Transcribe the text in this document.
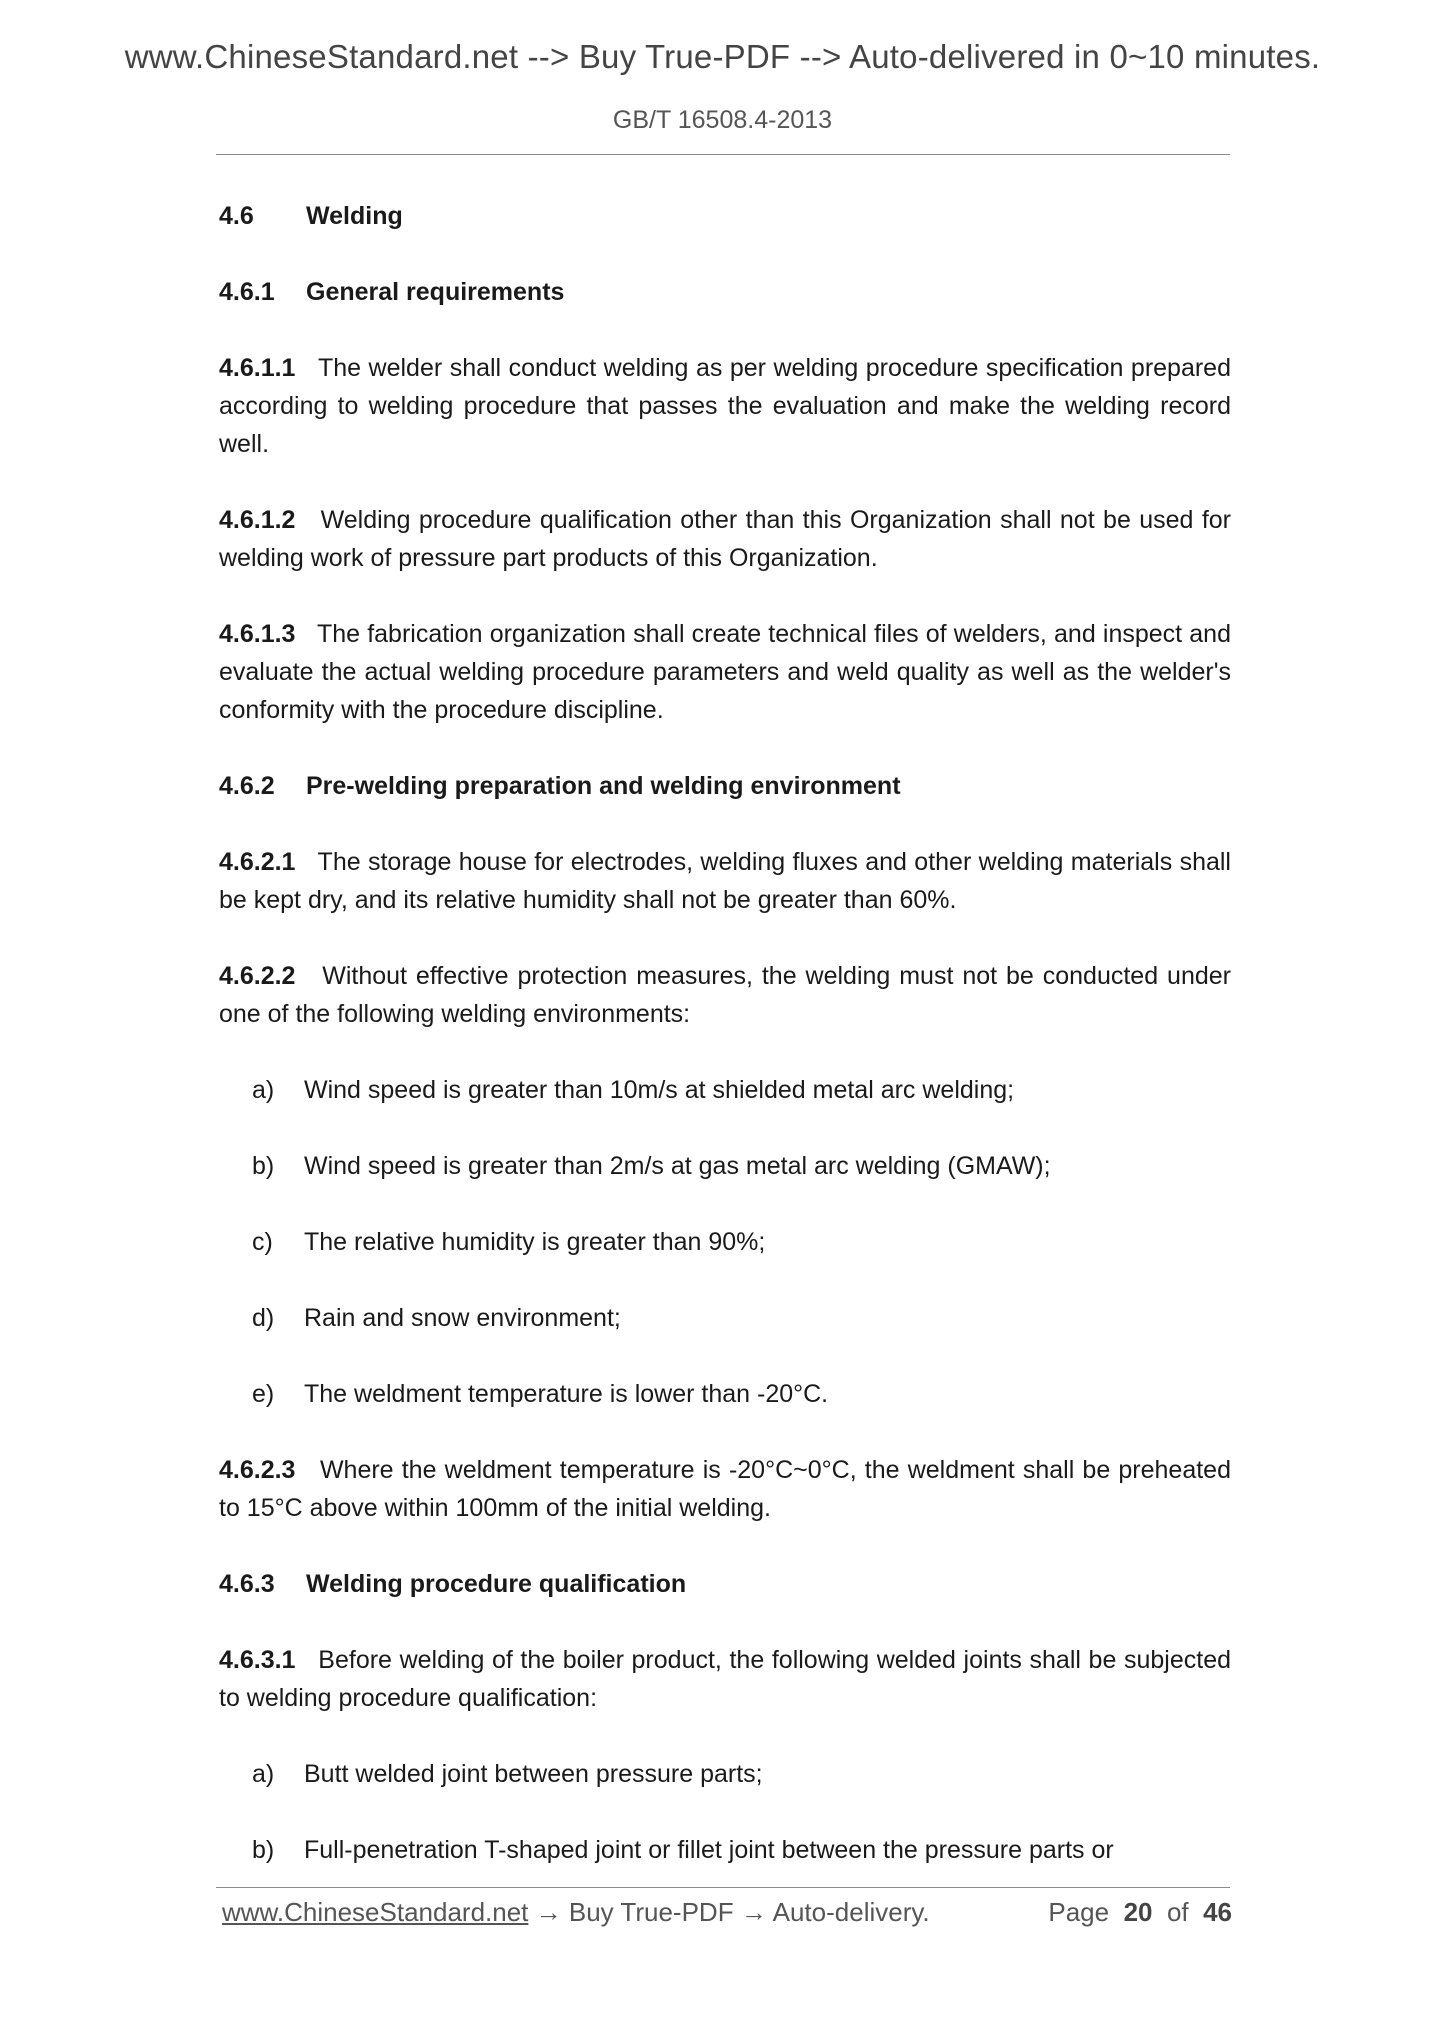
www.ChineseStandard.net --> Buy True-PDF --> Auto-delivered in 0~10 minutes.
GB/T 16508.4-2013
4.6 Welding
4.6.1 General requirements

4.6.1.1 The welder shall conduct welding as per welding procedure specification prepared according to welding procedure that passes the evaluation and make the welding record well.

4.6.1.2 Welding procedure qualification other than this Organization shall not be used for welding work of pressure part products of this Organization.

4.6.1.3 The fabrication organization shall create technical files of welders, and inspect and evaluate the actual welding procedure parameters and weld quality as well as the welder's conformity with the procedure discipline.

4.6.2 Pre-welding preparation and welding environment

4.6.2.1 The storage house for electrodes, welding fluxes and other welding materials shall be kept dry, and its relative humidity shall not be greater than 60%.

4.6.2.2 Without effective protection measures, the welding must not be conducted under one of the following welding environments:

a) Wind speed is greater than 10m/s at shielded metal arc welding;

b) Wind speed is greater than 2m/s at gas metal arc welding (GMAW);

c) The relative humidity is greater than 90%;

d) Rain and snow environment;

e) The weldment temperature is lower than -20°C.

4.6.2.3 Where the weldment temperature is -20°C~0°C, the weldment shall be preheated to 15°C above within 100mm of the initial welding.

4.6.3 Welding procedure qualification

4.6.3.1 Before welding of the boiler product, the following welded joints shall be subjected to welding procedure qualification:

a) Butt welded joint between pressure parts;

b) Full-penetration T-shaped joint or fillet joint between the pressure parts or

www.ChineseStandard.net → Buy True-PDF → Auto-delivery.	Page 20 of 46
